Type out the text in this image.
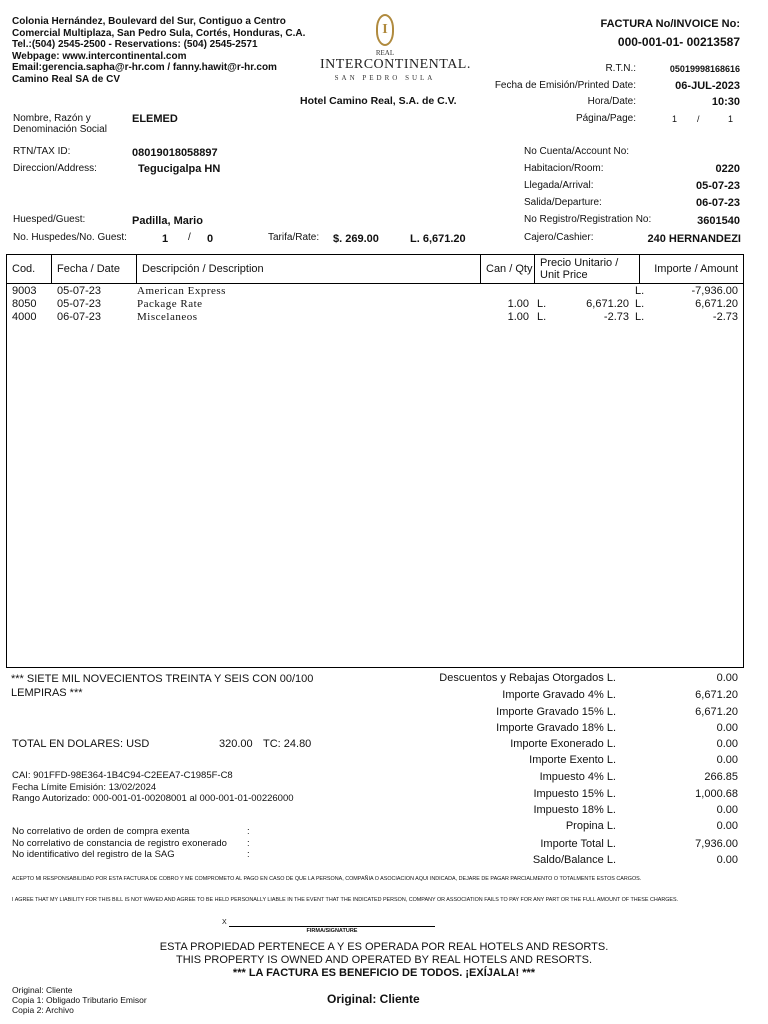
Colonia Hernández, Boulevard del Sur, Contiguo a Centro
Comercial Multiplaza, San Pedro Sula, Cortés, Honduras, C.A.
Tel.:(504) 2545-2500 - Reservations: (504) 2545-2571
Webpage: www.intercontinental.com
Email:gerencia.sapha@r-hr.com / fanny.hawit@r-hr.com
Camino Real SA de CV
I
REAL
INTERCONTINENTAL.
SAN PEDRO SULA
Hotel Camino Real, S.A. de C.V.
FACTURA No/INVOICE No:
000-001-01- 00213587
R.T.N.:	05019998168616
Fecha de Emisión/Printed Date:	06-JUL-2023
Hora/Date:	10:30
Página/Page:	1 /	1
Nombre, Razón y
Denominación Social
ELEMED
RTN/TAX ID:	08019018058897
Direccion/Address:	Tegucigalpa HN
Huesped/Guest:	Padilla, Mario
No. Huspedes/No. Guest:	1 / 0	Tarifa/Rate: $. 269.00	L. 6,671.20
No Cuenta/Account No:
Habitacion/Room:	0220
Llegada/Arrival:	05-07-23
Salida/Departure:	06-07-23
No Registro/Registration No:	3601540
Cajero/Cashier:	240 HERNANDEZI
Cod.	Fecha / Date	Descripción / Description	Can / Qty Precio Unitario /
Unit Price	Importe / Amount
9003 05-07-23	American Express	L.	-7,936.00
8050 05-07-23	Package Rate	1.00 L.	6,671.20 L.	6,671.20
4000 06-07-23	Miscelaneos	1.00 L.	-2.73 L.	-2.73
*** SIETE MIL NOVECIENTOS TREINTA Y SEIS CON 00/100
LEMPIRAS ***
TOTAL EN DOLARES: USD	320.00 TC: 24.80
CAI: 901FFD-98E364-1B4C94-C2EEA7-C1985F-C8
Fecha Límite Emisión: 13/02/2024
Rango Autorizado: 000-001-01-00208001 al 000-001-01-00226000
No correlativo de orden de compra exenta
No correlativo de constancia de registro exonerado
No identificativo del registro de la SAG
:
:
:
Descuentos y Rebajas Otorgados L.	0.00
Importe Gravado 4% L.	6,671.20
Importe Gravado 15% L.	6,671.20
Importe Gravado 18% L.	0.00
Importe Exonerado L.	0.00
Importe Exento L.	0.00
Impuesto 4% L.	266.85
Impuesto 15% L.	1,000.68
Impuesto 18% L.	0.00
Propina L.	0.00
Importe Total L.	7,936.00
Saldo/Balance L.	0.00
ACEPTO MI RESPONSABILIDAD POR ESTA FACTURA DE COBRO Y ME COMPROMETO AL PAGO EN CASO DE QUE LA PERSONA, COMPAÑIA O ASOCIACION AQUI INDICADA, DEJARE DE PAGAR PARCIALMENTO O TOTALMENTE ESTOS CARGOS.
I AGREE THAT MY LIABILITY FOR THIS BILL IS NOT WAVED AND AGREE TO BE HELD PERSONALLY LIABLE IN THE EVENT THAT THE INDICATED PERSON, COMPANY OR ASSOCIATION FAILS TO PAY FOR ANY PART OR THE FULL AMOUNT OF THESE CHARGES.
X
FIRMA/SIGNATURE
ESTA PROPIEDAD PERTENECE A Y ES OPERADA POR REAL HOTELS AND RESORTS.
THIS PROPERTY IS OWNED AND OPERATED BY REAL HOTELS AND RESORTS.
*** LA FACTURA ES BENEFICIO DE TODOS. ¡EXÍJALA! ***
Original: Cliente
Copia 1: Obligado Tributario Emisor
Copia 2: Archivo
Original: Cliente
